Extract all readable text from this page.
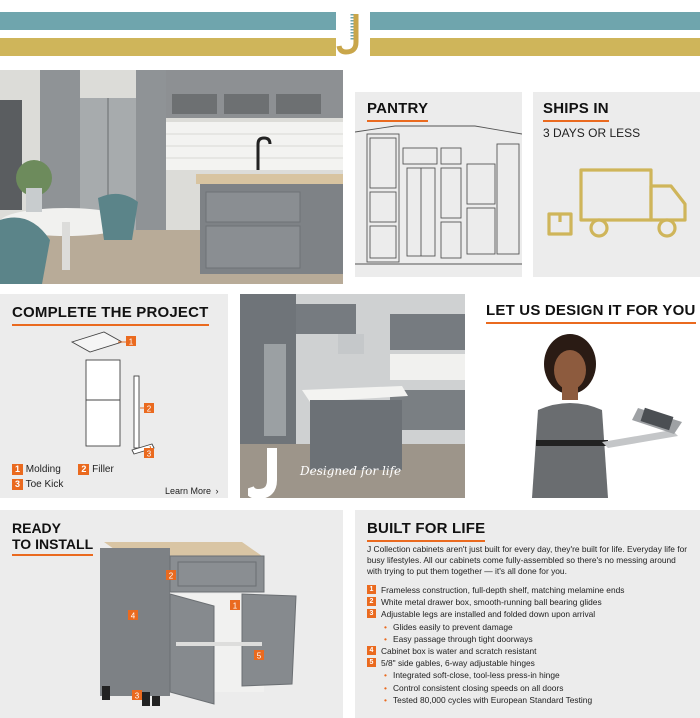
PANTRY	SHIPS IN
3 DAYS OR LESS
COMPLETE THE PROJECT
1
2
3
1 Molding 2 Filler
3 Toe Kick
Learn More ›
Designed for life
LET US DESIGN IT FOR YOU
READY
TO INSTALL
4
2
1
5
3
BUILT FOR LIFE
J Collection cabinets aren't just built for every day, they're built for life. Everyday life for busy lifestyles. All our cabinets come fully-assembled so there's no messing around with trying to put them together — it's all done for you.
1 Frameless construction, full-depth shelf, matching melamine ends
2 White metal drawer box, smooth-running ball bearing glides
3 Adjustable legs are installed and folded down upon arrival
• Glides easily to prevent damage
• Easy passage through tight doorways
4 Cabinet box is water and scratch resistant
5 5/8" side gables, 6-way adjustable hinges
• Integrated soft-close, tool-less press-in hinge
• Control consistent closing speeds on all doors
• Tested 80,000 cycles with European Standard Testing
